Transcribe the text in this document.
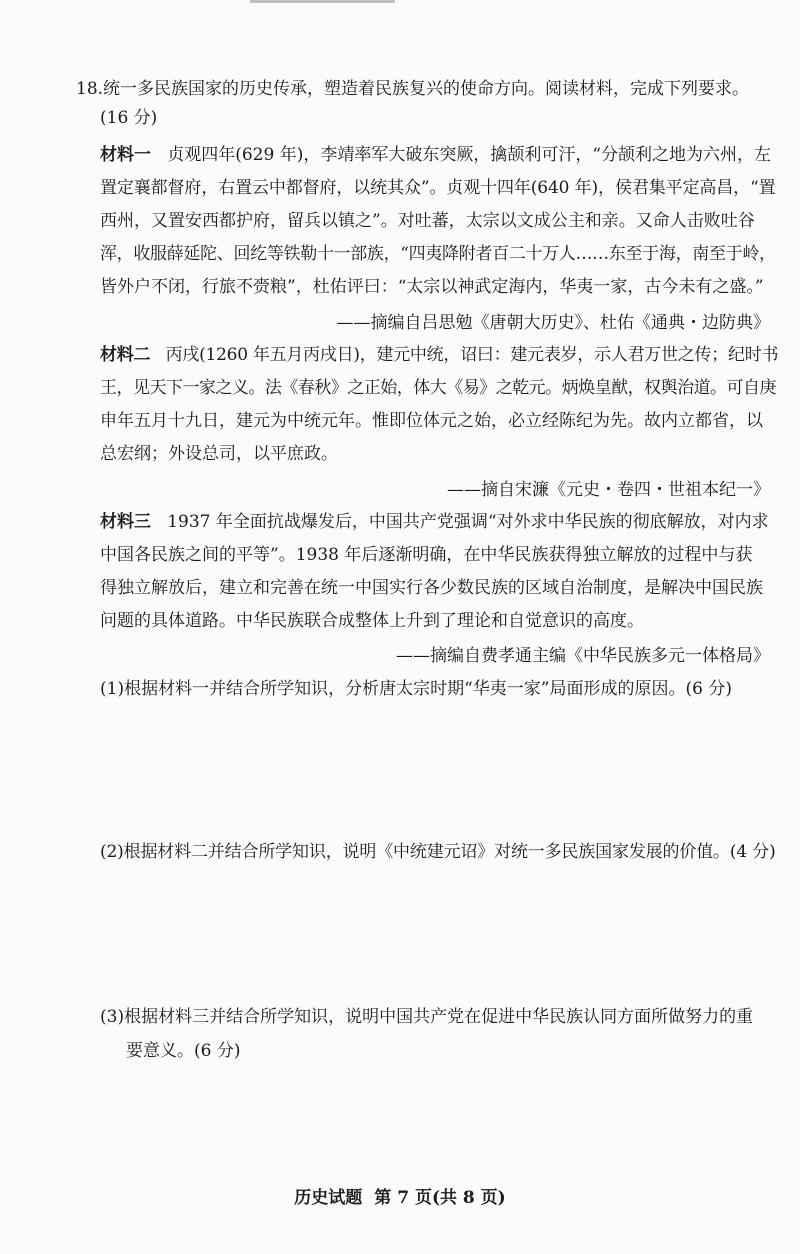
18.统一多民族国家的历史传承，塑造着民族复兴的使命方向。阅读材料，完成下列要求。
(16 分)
材料一 贞观四年(629 年)，李靖率军大破东突厥，擒颉利可汗，“分颉利之地为六州，左
置定襄都督府，右置云中都督府，以统其众”。贞观十四年(640 年)，侯君集平定高昌，“置
西州，又置安西都护府，留兵以镇之”。对吐蕃，太宗以文成公主和亲。又命人击败吐谷
浑，收服薛延陀、回纥等铁勒十一部族，“四夷降附者百二十万人……东至于海，南至于岭，
皆外户不闭，行旅不赍粮”，杜佑评曰：“太宗以神武定海内，华夷一家，古今未有之盛。”
——摘编自吕思勉《唐朝大历史》、杜佑《通典・边防典》
材料二 丙戌(1260 年五月丙戌日)，建元中统，诏曰：建元表岁，示人君万世之传；纪时书
王，见天下一家之义。法《春秋》之正始，体大《易》之乾元。炳焕皇猷，权舆治道。可自庚
申年五月十九日，建元为中统元年。惟即位体元之始，必立经陈纪为先。故内立都省，以
总宏纲；外设总司，以平庶政。
——摘自宋濂《元史・卷四・世祖本纪一》
材料三 1937 年全面抗战爆发后，中国共产党强调“对外求中华民族的彻底解放，对内求
中国各民族之间的平等”。1938 年后逐渐明确，在中华民族获得独立解放的过程中与获
得独立解放后，建立和完善在统一中国实行各少数民族的区域自治制度，是解决中国民族
问题的具体道路。中华民族联合成整体上升到了理论和自觉意识的高度。
——摘编自费孝通主编《中华民族多元一体格局》
(1)根据材料一并结合所学知识，分析唐太宗时期“华夷一家”局面形成的原因。(6 分)
(2)根据材料二并结合所学知识，说明《中统建元诏》对统一多民族国家发展的价值。(4 分)
(3)根据材料三并结合所学知识，说明中国共产党在促进中华民族认同方面所做努力的重
要意义。(6 分)
历史试题 第 7 页(共 8 页)
